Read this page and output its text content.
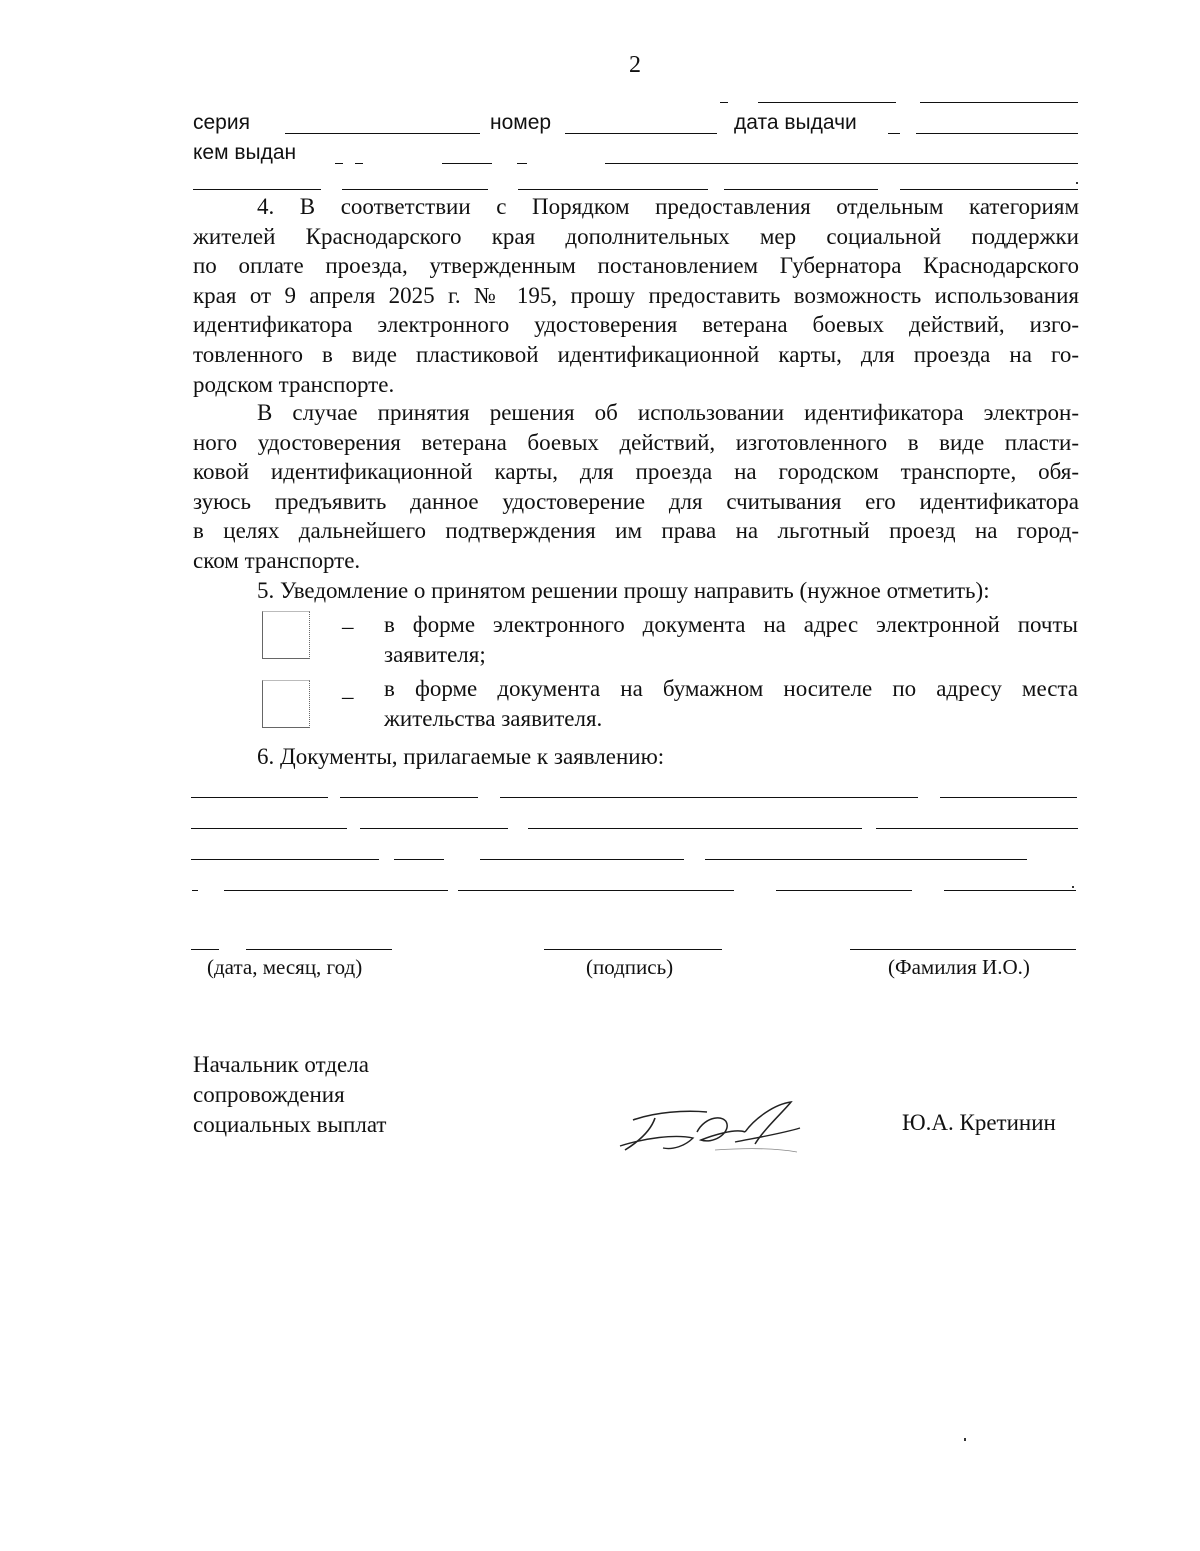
2
серия	номер	дата выдачи
кем выдан
4. В соответствии с Порядком предоставления отдельным категориям
жителей Краснодарского края дополнительных мер социальной поддержки
по оплате проезда, утвержденным постановлением Губернатора Краснодарского
края от 9 апреля 2025 г. № 195, прошу предоставить возможность использования
идентификатора электронного удостоверения ветерана боевых действий, изго-
товленного в виде пластиковой идентификационной карты, для проезда на го-
родском транспорте.
В случае принятия решения об использовании идентификатора электрон-
ного удостоверения ветерана боевых действий, изготовленного в виде пласти-
ковой идентификационной карты, для проезда на городском транспорте, обя-
зуюсь предъявить данное удостоверение для считывания его идентификатора
в целях дальнейшего подтверждения им права на льготный проезд на город-
ском транспорте.
5. Уведомление о принятом решении прошу направить (нужное отметить):
– в форме электронного документа на адрес электронной почты
заявителя;
– в форме документа на бумажном носителе по адресу места
жительства заявителя.
6. Документы, прилагаемые к заявлению:
(дата, месяц, год)	(подпись)	(Фамилия И.О.)
Начальник отдела
сопровождения
социальных выплат	Ю.А. Кретинин
